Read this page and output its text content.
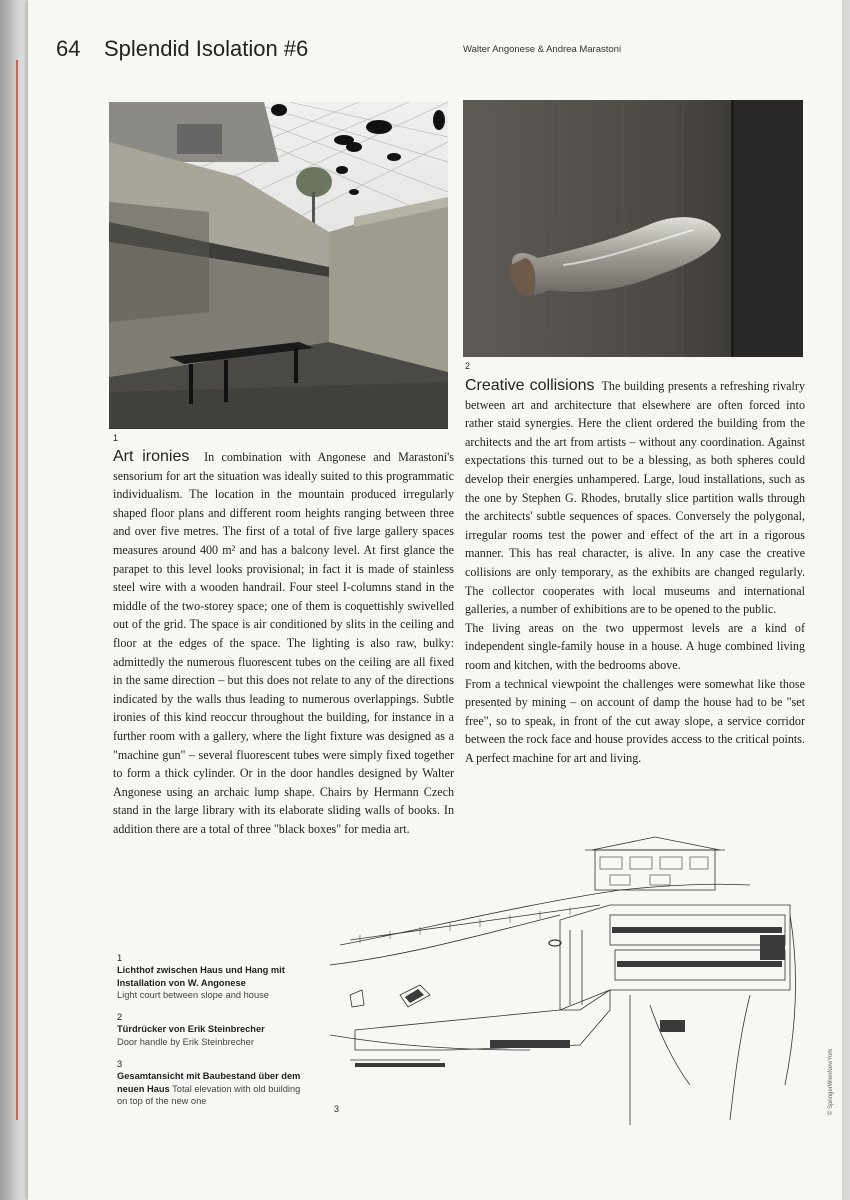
64 Splendid Isolation #6	Walter Angonese & Andrea Marastoni
1
2
Art ironies In combination with Angonese and Marastoni's sensorium for art the situation was ideally suited to this programmatic individualism. The location in the mountain produced irregularly shaped floor plans and different room heights ranging between three and over five metres. The first of a total of five large gallery spaces measures around 400 m² and has a balcony level. At first glance the parapet to this level looks provisional; in fact it is made of stainless steel wire with a wooden handrail. Four steel I-columns stand in the middle of the two-storey space; one of them is coquettishly swivelled out of the grid. The space is air conditioned by slits in the ceiling and floor at the edges of the space. The lighting is also raw, bulky: admittedly the numerous fluorescent tubes on the ceiling are all fixed in the same direction – but this does not relate to any of the directions indicated by the walls thus leading to numerous overlappings. Subtle ironies of this kind reoccur throughout the building, for instance in a further room with a gallery, where the light fixture was designed as a "machine gun" – several fluorescent tubes were simply fixed together to form a thick cylinder. Or in the door handles designed by Walter Angonese using an archaic lump shape. Chairs by Hermann Czech stand in the large library with its elaborate sliding walls of books. In addition there are a total of three "black boxes" for media art.

Creative collisions The building presents a refreshing rivalry between art and architecture that elsewhere are often forced into rather staid synergies. Here the client ordered the building from the architects and the art from artists – without any coordination. Against expectations this turned out to be a blessing, as both spheres could develop their energies unhampered. Large, loud installations, such as the one by Stephen G. Rhodes, brutally slice partition walls through the architects' subtle sequences of spaces. Conversely the polygonal, irregular rooms test the power and effect of the art in a rigorous manner. This has real character, is alive. In any case the creative collisions are only temporary, as the exhibits are changed regularly. The collector cooperates with local museums and international galleries, a number of exhibitions are to be opened to the public.

The living areas on the two uppermost levels are a kind of independent single-family house in a house. A huge combined living room and kitchen, with the bedrooms above.

From a technical viewpoint the challenges were somewhat like those presented by mining – on account of damp the house had to be "set free", so to speak, in front of the cut away slope, a service corridor between the rock face and house provides access to the critical points. A perfect machine for art and living.

1
Lichthof zwischen Haus und Hang mit Installation von W. Angonese
Light court between slope and house
2
Türdrücker von Erik Steinbrecher
Door handle by Erik Steinbrecher
3
Gesamtansicht mit Baubestand über dem neuen Haus Total elevation with old building on top of the new one
3	© SpringerWienNewYork
